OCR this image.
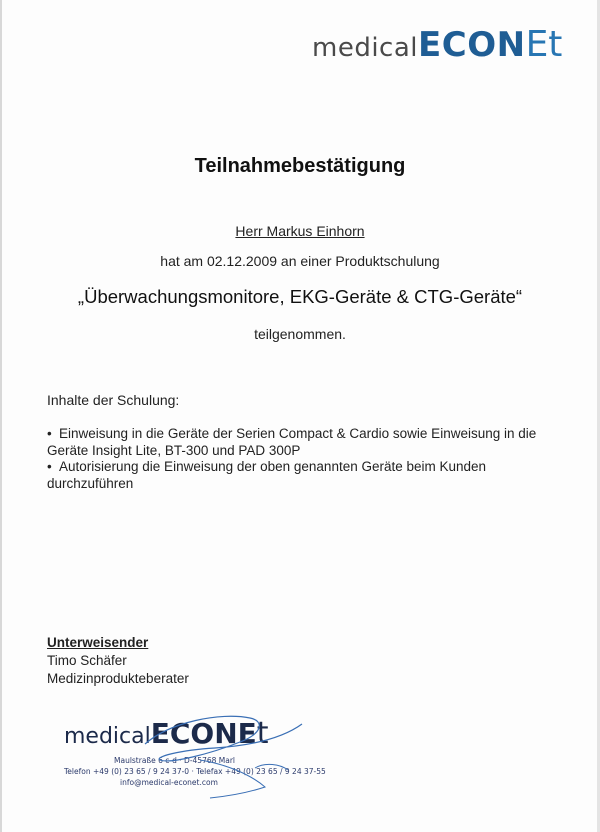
medicalECONEt
Teilnahmebestätigung
Herr Markus Einhorn
hat am 02.12.2009 an einer Produktschulung
„Überwachungsmonitore, EKG-Geräte & CTG-Geräte“
teilgenommen.
Inhalte der Schulung:
• Einweisung in die Geräte der Serien Compact & Cardio sowie Einweisung in die Geräte Insight Lite, BT-300 und PAD 300P
• Autorisierung die Einweisung der oben genannten Geräte beim Kunden durchzuführen
Unterweisender
Timo Schäfer
Medizinprodukteberater
medicalECONEt
Maulstraße 6 c-d · D-45768 Marl
Telefon +49 (0) 23 65 / 9 24 37-0 · Telefax +49 (0) 23 65 / 9 24 37-55
info@medical-econet.com
